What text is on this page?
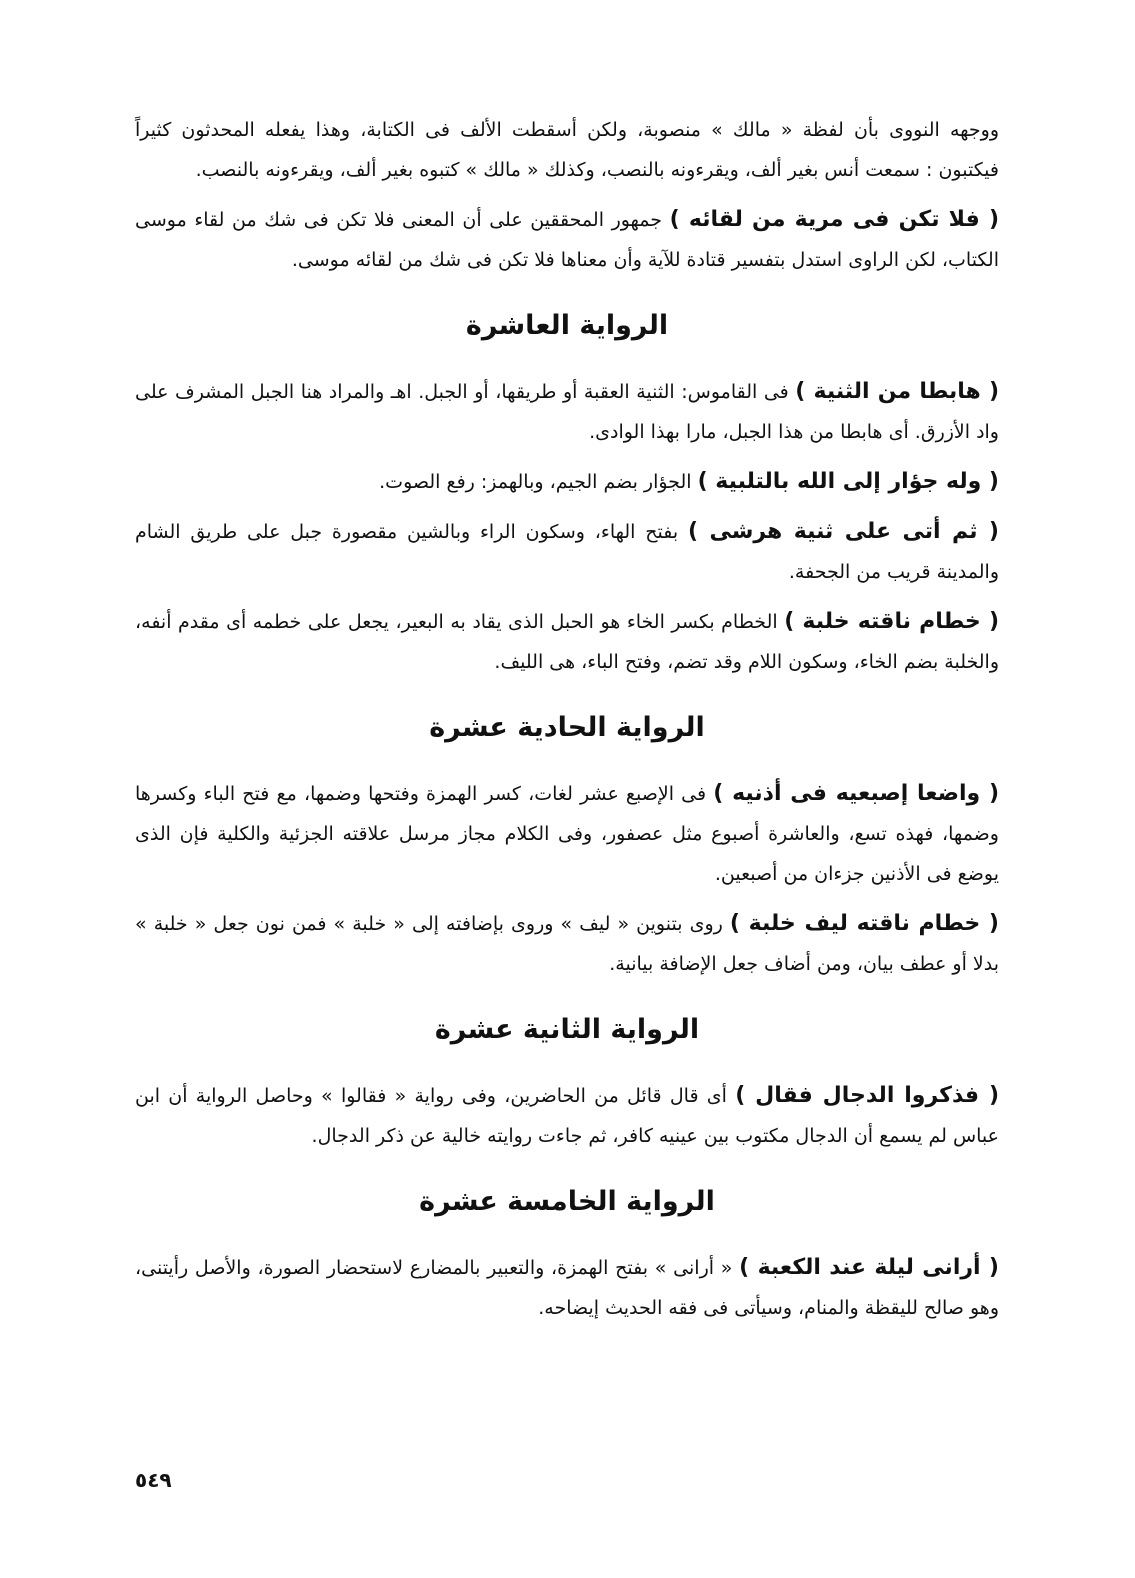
ووجهه النووى بأن لفظة « مالك » منصوبة، ولكن أسقطت الألف فى الكتابة، وهذا يفعله المحدثون كثيراً فيكتبون : سمعت أنس بغير ألف، ويقرءونه بالنصب، وكذلك « مالك » كتبوه بغير ألف، ويقرءونه بالنصب.

( فلا تكن فى مرية من لقائه ) جمهور المحققين على أن المعنى فلا تكن فى شك من لقاء موسى الكتاب، لكن الراوى استدل بتفسير قتادة للآية وأن معناها فلا تكن فى شك من لقائه موسى.

الرواية العاشرة

( هابطا من الثنية ) فى القاموس: الثنية العقبة أو طريقها، أو الجبل. اهـ والمراد هنا الجبل المشرف على واد الأزرق. أى هابطا من هذا الجبل، مارا بهذا الوادى.

( وله جؤار إلى الله بالتلبية ) الجؤار بضم الجيم، وبالهمز: رفع الصوت.

( ثم أتى على ثنية هرشى ) بفتح الهاء، وسكون الراء وبالشين مقصورة جبل على طريق الشام والمدينة قريب من الجحفة.

( خطام ناقته خلبة ) الخطام بكسر الخاء هو الحبل الذى يقاد به البعير، يجعل على خطمه أى مقدم أنفه، والخلبة بضم الخاء، وسكون اللام وقد تضم، وفتح الباء، هى الليف.

الرواية الحادية عشرة

( واضعا إصبعيه فى أذنيه ) فى الإصبع عشر لغات، كسر الهمزة وفتحها وضمها، مع فتح الباء وكسرها وضمها، فهذه تسع، والعاشرة أصبوع مثل عصفور، وفى الكلام مجاز مرسل علاقته الجزئية والكلية فإن الذى يوضع فى الأذنين جزءان من أصبعين.

( خطام ناقته ليف خلبة ) روى بتنوين « ليف » وروى بإضافته إلى « خلبة » فمن نون جعل « خلبة » بدلا أو عطف بيان، ومن أضاف جعل الإضافة بيانية.

الرواية الثانية عشرة

( فذكروا الدجال فقال ) أى قال قائل من الحاضرين، وفى رواية « فقالوا » وحاصل الرواية أن ابن عباس لم يسمع أن الدجال مكتوب بين عينيه كافر، ثم جاءت روايته خالية عن ذكر الدجال.

الرواية الخامسة عشرة

( أرانى ليلة عند الكعبة ) « أرانى » بفتح الهمزة، والتعبير بالمضارع لاستحضار الصورة، والأصل رأيتنى، وهو صالح لليقظة والمنام، وسيأتى فى فقه الحديث إيضاحه.

٥٤٩
